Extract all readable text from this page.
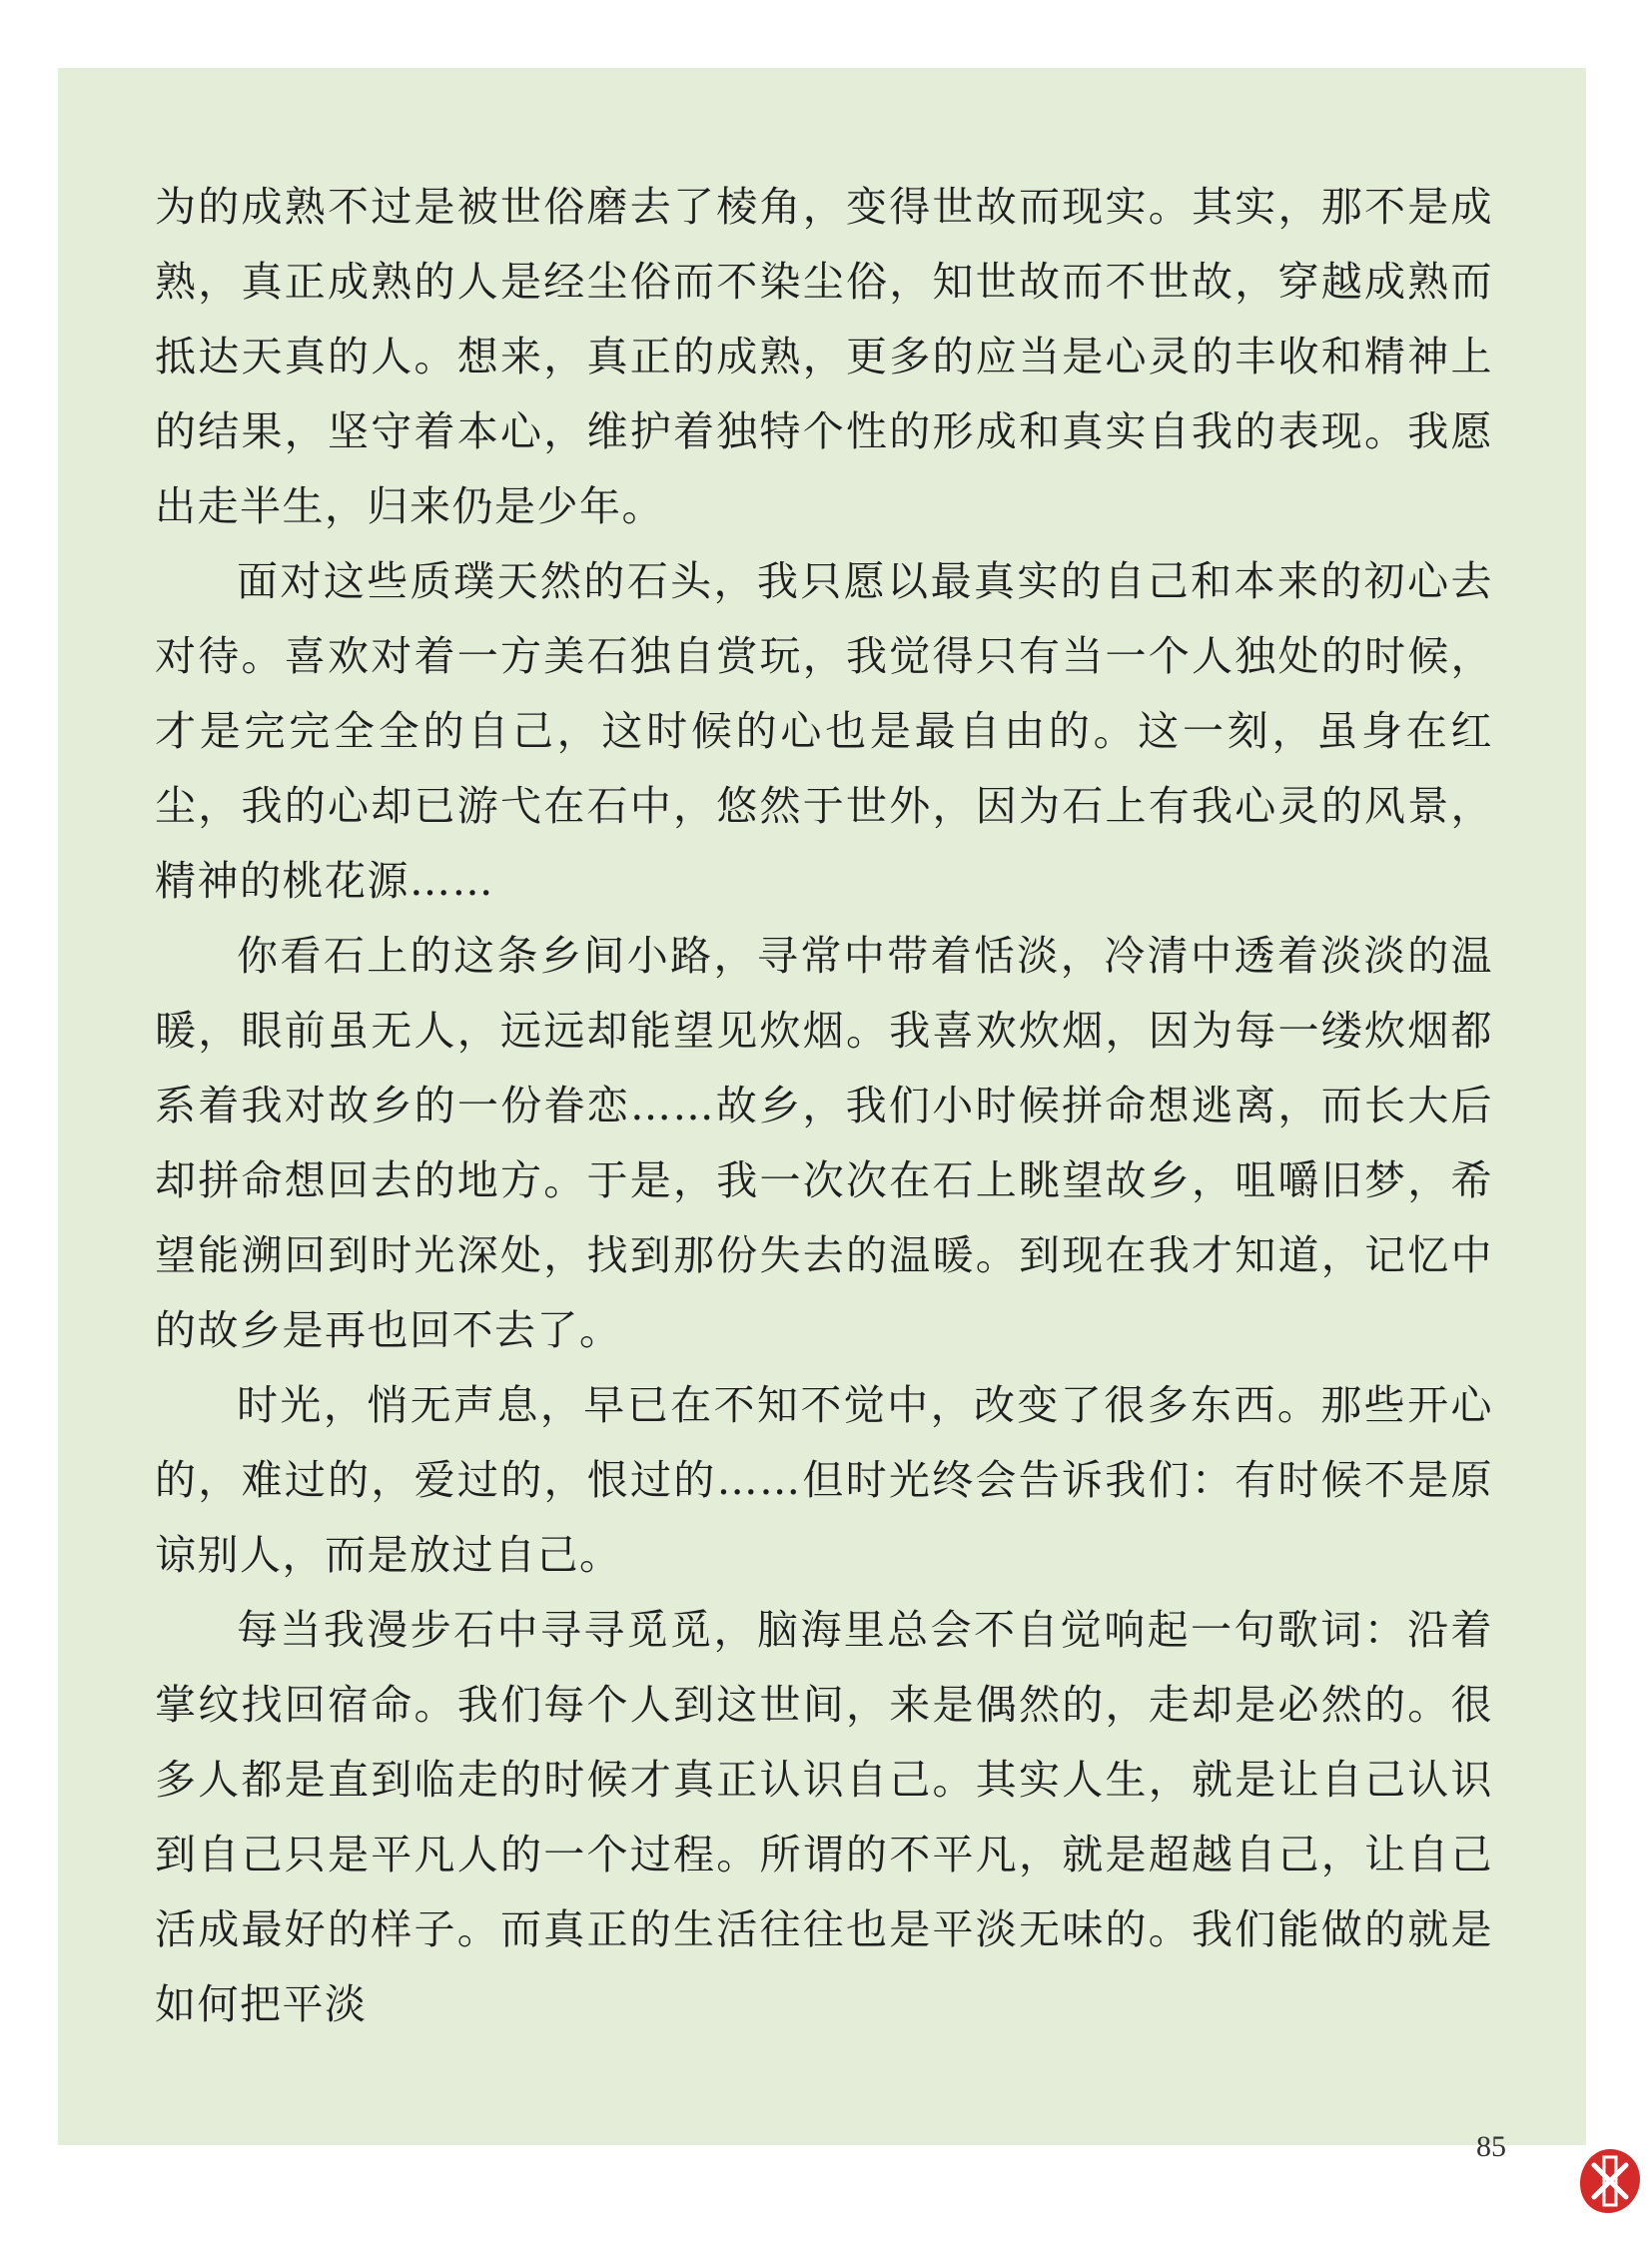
为的成熟不过是被世俗磨去了棱角，变得世故而现实。其实，那不是成熟，真正成熟的人是经尘俗而不染尘俗，知世故而不世故，穿越成熟而抵达天真的人。想来，真正的成熟，更多的应当是心灵的丰收和精神上的结果，坚守着本心，维护着独特个性的形成和真实自我的表现。我愿出走半生，归来仍是少年。

面对这些质璞天然的石头，我只愿以最真实的自己和本来的初心去对待。喜欢对着一方美石独自赏玩，我觉得只有当一个人独处的时候，才是完完全全的自己，这时候的心也是最自由的。这一刻，虽身在红尘，我的心却已游弋在石中，悠然于世外，因为石上有我心灵的风景，精神的桃花源……

你看石上的这条乡间小路，寻常中带着恬淡，冷清中透着淡淡的温暖，眼前虽无人，远远却能望见炊烟。我喜欢炊烟，因为每一缕炊烟都系着我对故乡的一份眷恋……故乡，我们小时候拼命想逃离，而长大后却拼命想回去的地方。于是，我一次次在石上眺望故乡，咀嚼旧梦，希望能溯回到时光深处，找到那份失去的温暖。到现在我才知道，记忆中的故乡是再也回不去了。

时光，悄无声息，早已在不知不觉中，改变了很多东西。那些开心的，难过的，爱过的，恨过的……但时光终会告诉我们：有时候不是原谅别人，而是放过自己。

每当我漫步石中寻寻觅觅，脑海里总会不自觉响起一句歌词：沿着掌纹找回宿命。我们每个人到这世间，来是偶然的，走却是必然的。很多人都是直到临走的时候才真正认识自己。其实人生，就是让自己认识到自己只是平凡人的一个过程。所谓的不平凡，就是超越自己，让自己活成最好的样子。而真正的生活往往也是平淡无味的。我们能做的就是如何把平淡

85
